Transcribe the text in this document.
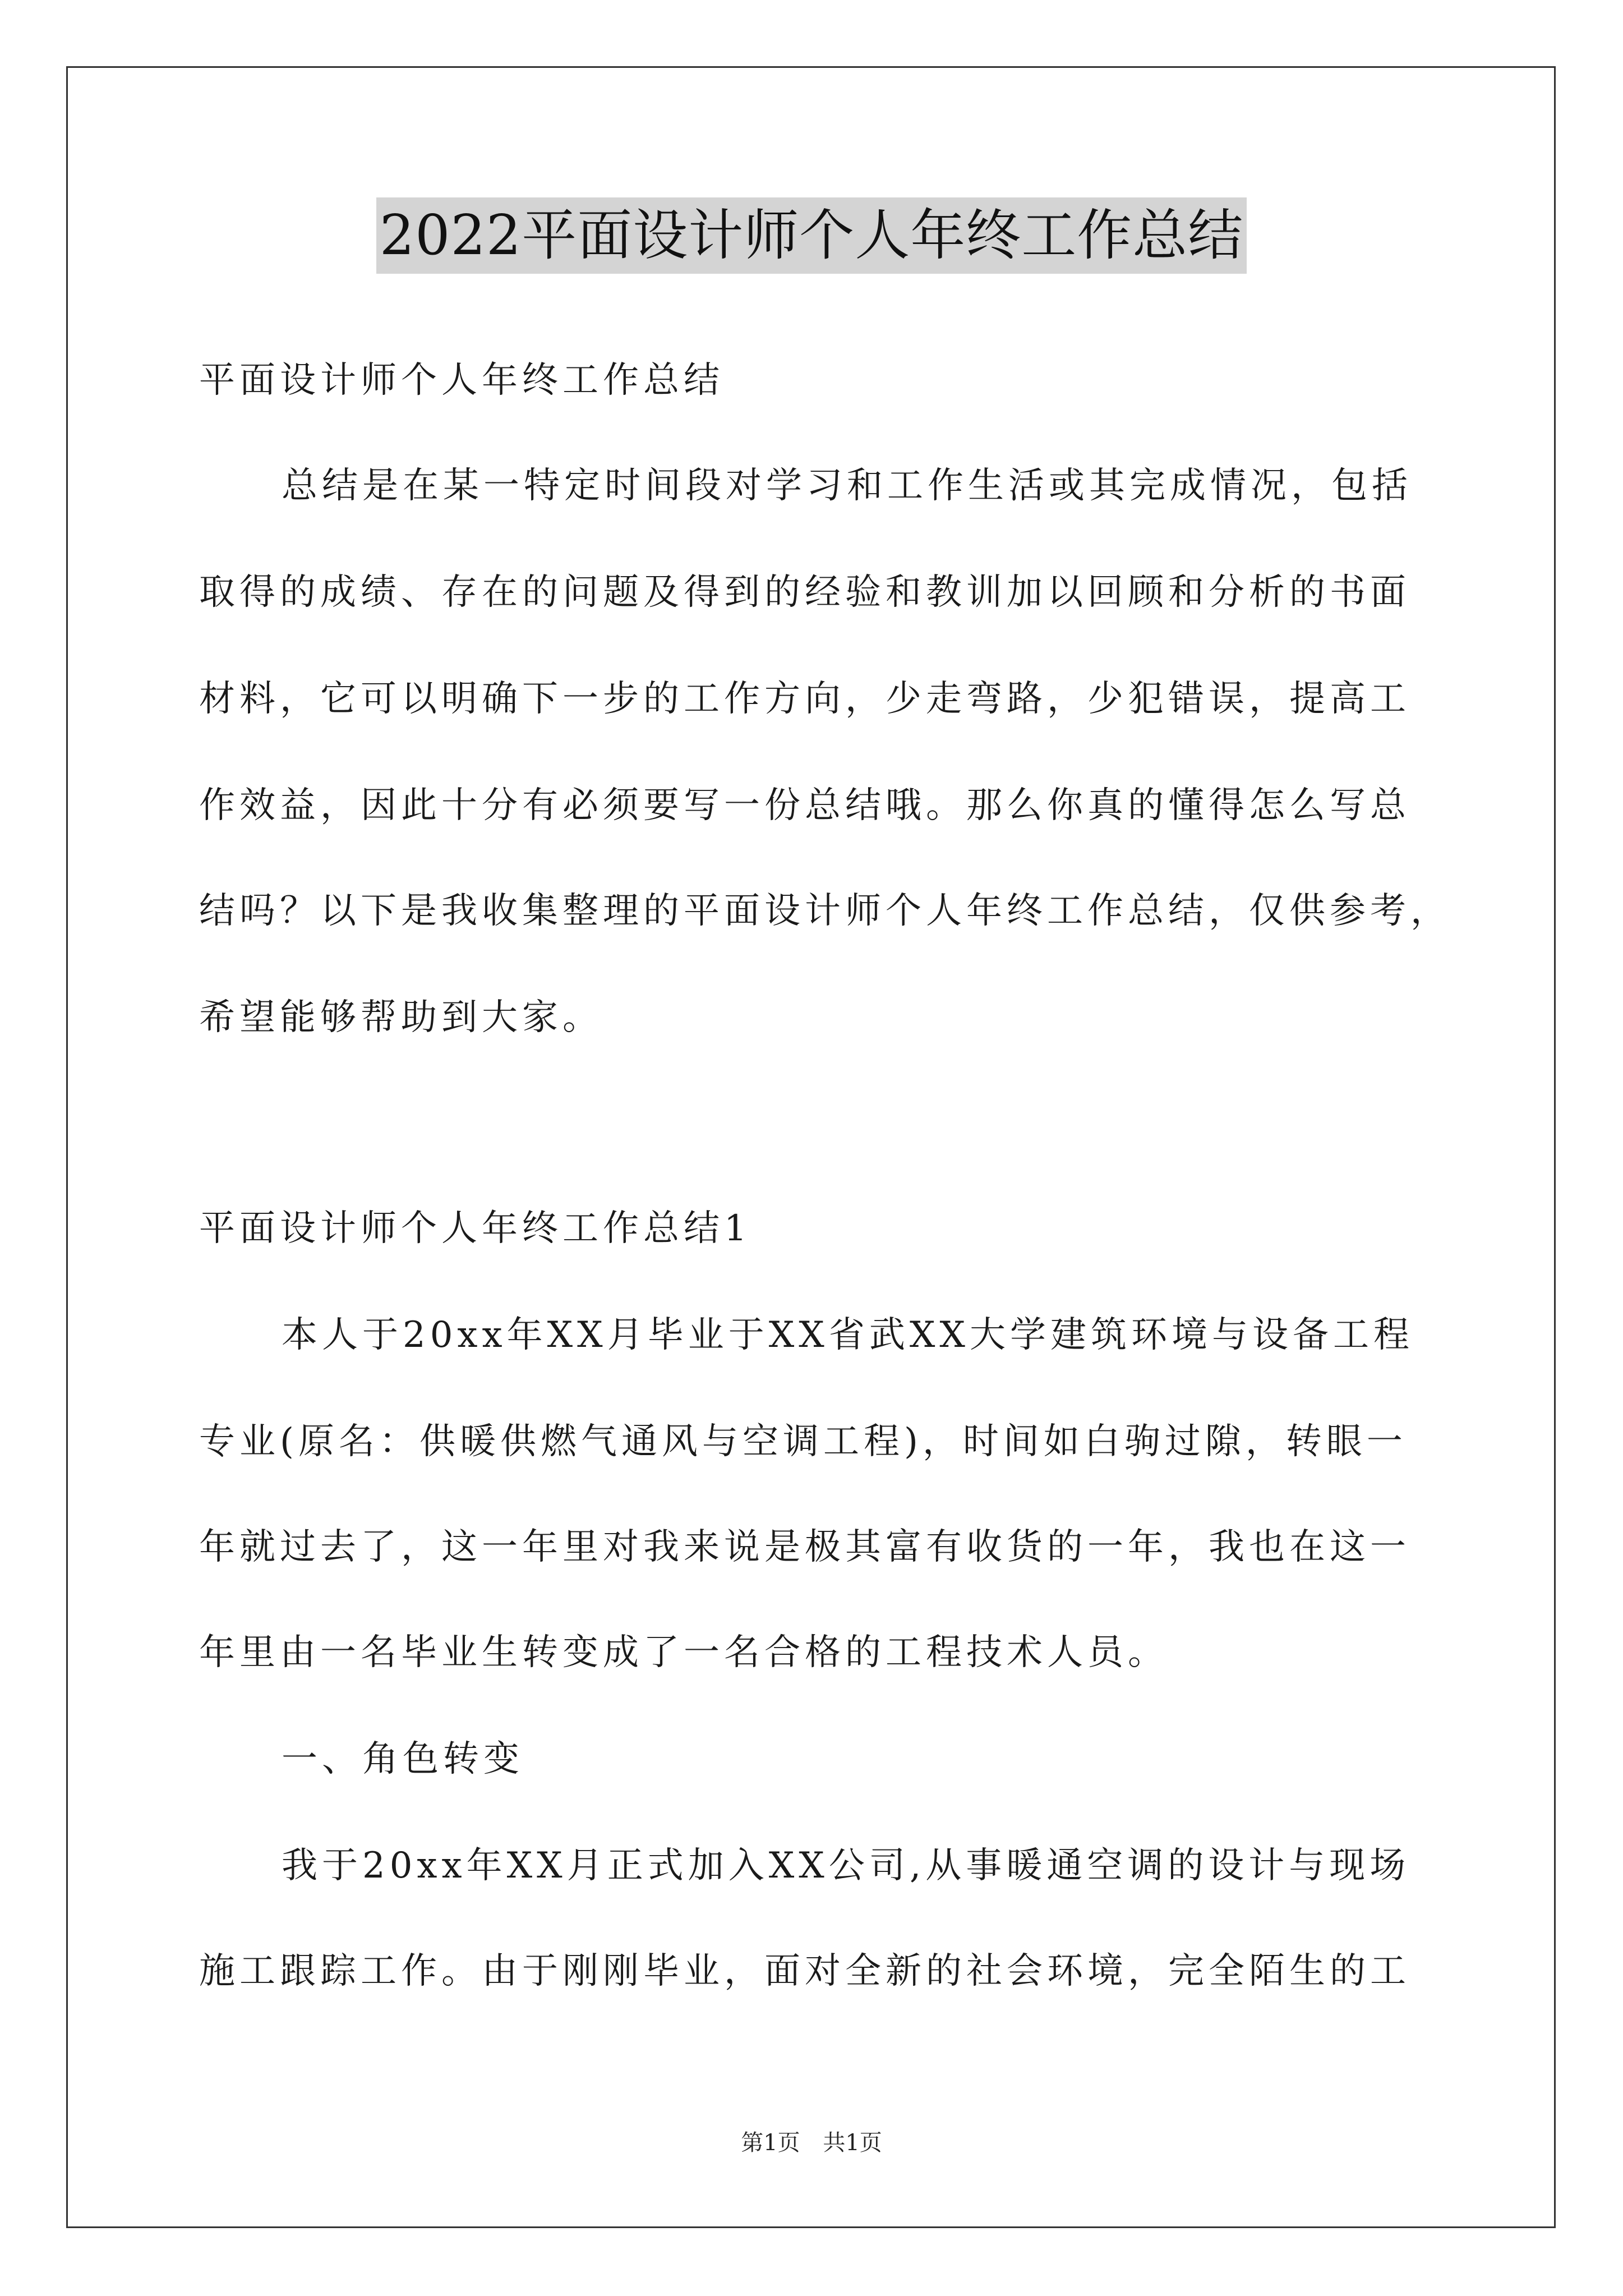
2022平面设计师个人年终工作总结
平面设计师个人年终工作总结
总结是在某一特定时间段对学习和工作生活或其完成情况，包括
取得的成绩、存在的问题及得到的经验和教训加以回顾和分析的书面
材料，它可以明确下一步的工作方向，少走弯路，少犯错误，提高工
作效益，因此十分有必须要写一份总结哦。那么你真的懂得怎么写总
结吗？以下是我收集整理的平面设计师个人年终工作总结，仅供参考，
希望能够帮助到大家。
平面设计师个人年终工作总结1
本人于20xx年XX月毕业于XX省武XX大学建筑环境与设备工程
专业(原名：供暖供燃气通风与空调工程)，时间如白驹过隙，转眼一
年就过去了，这一年里对我来说是极其富有收货的一年，我也在这一
年里由一名毕业生转变成了一名合格的工程技术人员。
一、角色转变
我于20xx年XX月正式加入XX公司,从事暖通空调的设计与现场
施工跟踪工作。由于刚刚毕业，面对全新的社会环境，完全陌生的工
第1页 共1页
